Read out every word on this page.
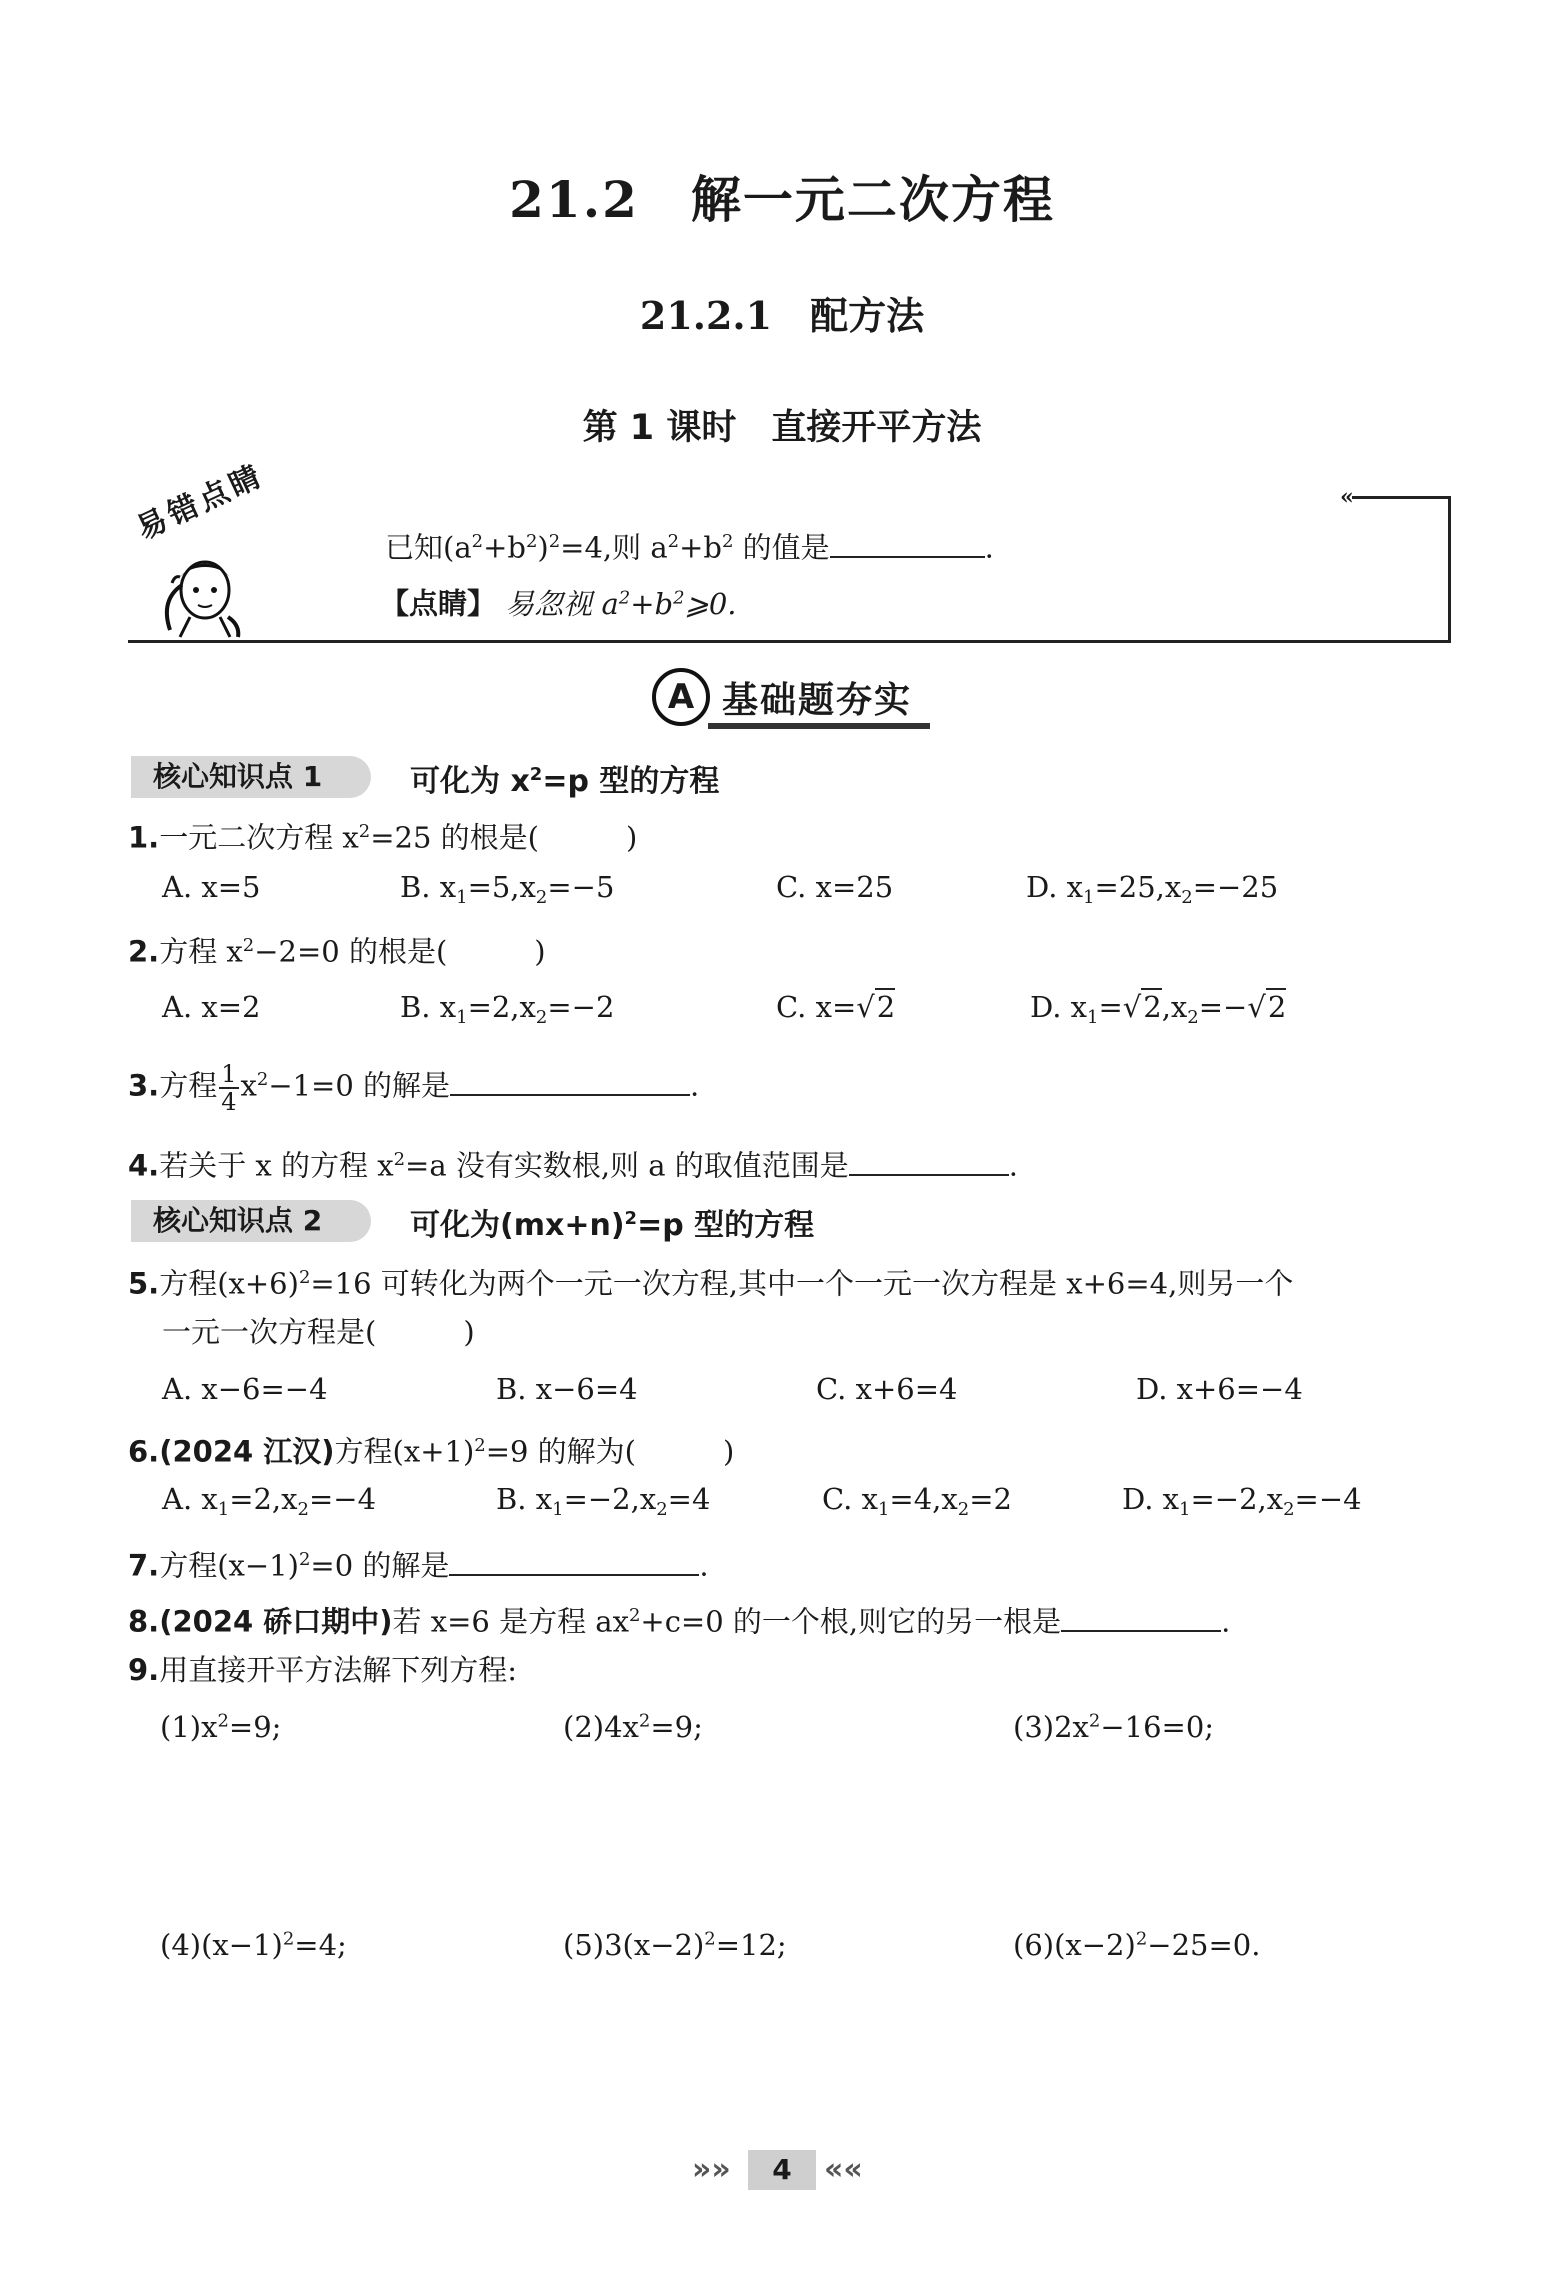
21.2　解一元二次方程
21.2.1　配方法
第 1 课时　直接开平方法
«
易错点睛
已知$(a^2+b^2)^2=4$,则 $a^2+b^2$ 的值是	.
【点睛】 易忽视 $a^2+b^2⩾0$.
A 基础题夯实
核心知识点 1	可化为 $x^2=p$ 型的方程
1.一元二次方程 $x^2=25$ 的根是(　　　)
A. x=5	B. $x_1=5,x_2=-5$	C. x=25	D. $x_1=25,x_2=-25$
2.方程 $x^2-2=0$ 的根是(　　　)
A. x=2	B. $x_1=2,x_2=-2$	C. x=√2	D. $x_1=√2,x_2=-√2$
3.方程 $\frac{1}{4} x^2-1=0$ 的解是	.
4.若关于 x 的方程 $x^2=a$ 没有实数根,则 a 的取值范围是	.
核心知识点 2	可化为$(mx+n)^2=p$ 型的方程
5.方程$(x+6)^2=16$ 可转化为两个一元一次方程,其中一个一元一次方程是 x+6=4,则另一个
一元一次方程是(　　　)
A. x−6=−4	B. x−6=4	C. x+6=4	D. x+6=−4
6.(2024 江汉)方程$(x+1)^2=9$ 的解为(　　　)
A. $x_1=2,x_2=-4$	B. $x_1=-2,x_2=4$	C. $x_1=4,x_2=2$	D. $x_1=-2,x_2=-4$
7.方程$(x-1)^2=0$ 的解是	.
8.(2024 硚口期中)若 x=6 是方程 $ax^2+c=0$ 的一个根,则它的另一根是	.
9.用直接开平方法解下列方程:
$(1)x^2=9$;	$(2)4x^2=9$;	$(3)2x^2-16=0$;
$(4)(x-1)^2=4$;	$(5)3(x-2)^2=12$;	$(6)(x-2)^2-25=0$.
»»	4	««
